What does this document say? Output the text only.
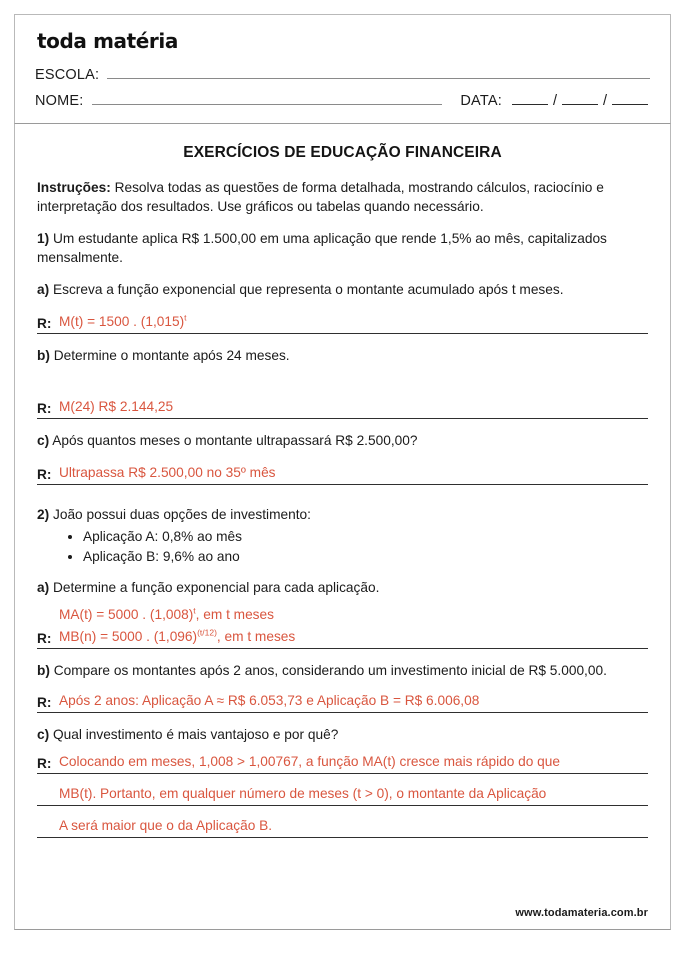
toda matéria
ESCOLA:
NOME:	DATA:	/	/
EXERCÍCIOS DE EDUCAÇÃO FINANCEIRA

Instruções: Resolva todas as questões de forma detalhada, mostrando cálculos, raciocínio e interpretação dos resultados. Use gráficos ou tabelas quando necessário.

1) Um estudante aplica R$ 1.500,00 em uma aplicação que rende 1,5% ao mês, capitalizados mensalmente.

a) Escreva a função exponencial que representa o montante acumulado após t meses.

R: M(t) = 1500 . $(1,015)^t$

b) Determine o montante após 24 meses.

R: M(24) R$ 2.144,25

c) Após quantos meses o montante ultrapassará R$ 2.500,00?

R: Ultrapassa R$ 2.500,00 no 35º mês

2) João possui duas opções de investimento:

• Aplicação A: 0,8% ao mês
• Aplicação B: 9,6% ao ano

a) Determine a função exponencial para cada aplicação.

MA(t) = 5000 . $(1,008)^t$, em t meses
R: MB(n) = 5000 . $(1,096)^{(t/12)}$, em t meses

b) Compare os montantes após 2 anos, considerando um investimento inicial de R$ 5.000,00.

R: Após 2 anos: Aplicação A ≈ R$ 6.053,73 e Aplicação B = R$ 6.006,08

c) Qual investimento é mais vantajoso e por quê?

R: Colocando em meses, 1,008 > 1,00767, a função MA(t) cresce mais rápido do que
MB(t). Portanto, em qualquer número de meses (t > 0), o montante da Aplicação
A será maior que o da Aplicação B.
www.todamateria.com.br
